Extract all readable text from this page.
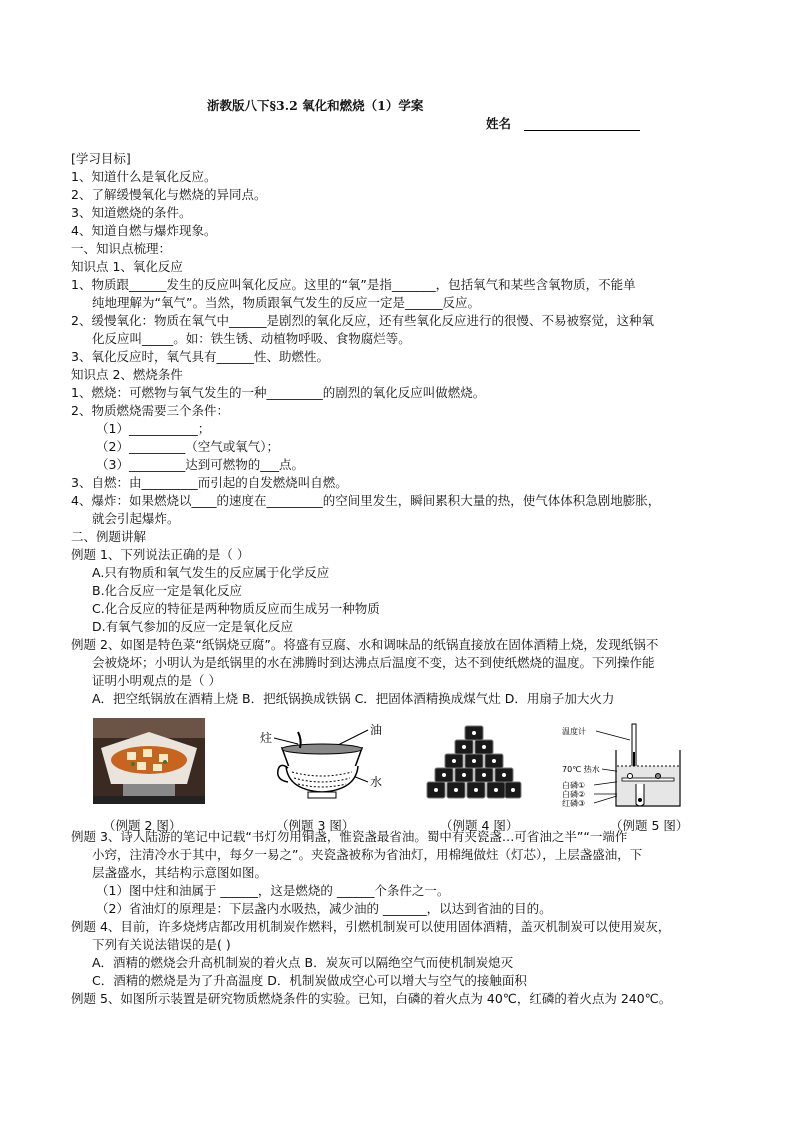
浙教版八下§3.2 氧化和燃烧（1）学案
姓名
[学习目标]
1、知道什么是氧化反应。
2、了解缓慢氧化与燃烧的异同点。
3、知道燃烧的条件。
4、知道自燃与爆炸现象。
一、知识点梳理：
知识点 1、氧化反应
1、物质跟______发生的反应叫氧化反应。这里的“氧”是指_______，包括氧气和某些含氧物质，不能单
纯地理解为“氧气”。当然，物质跟氧气发生的反应一定是______反应。
2、缓慢氧化：物质在氧气中______是剧烈的氧化反应，还有些氧化反应进行的很慢、不易被察觉，这种氧
化反应叫_____。如：铁生锈、动植物呼吸、食物腐烂等。
3、氧化反应时，氧气具有______性、助燃性。
知识点 2、燃烧条件
1、燃烧：可燃物与氧气发生的一种_________的剧烈的氧化反应叫做燃烧。
2、物质燃烧需要三个条件：
（1）___________；
（2）_________（空气或氧气）；
（3）_________达到可燃物的___点。
3、自燃：由_________而引起的自发燃烧叫自燃。
4、爆炸：如果燃烧以____的速度在_________的空间里发生，瞬间累积大量的热，使气体体积急剧地膨胀，
就会引起爆炸。
二、例题讲解
例题 1、下列说法正确的是（ ）
A.只有物质和氧气发生的反应属于化学反应
B.化合反应一定是氧化反应
C.化合反应的特征是两种物质反应而生成另一种物质
D.有氧气参加的反应一定是氧化反应
例题 2、如图是特色菜“纸锅烧豆腐”。将盛有豆腐、水和调味品的纸锅直接放在固体酒精上烧，发现纸锅不
会被烧坏；小明认为是纸锅里的水在沸腾时到达沸点后温度不变，达不到使纸燃烧的温度。下列操作能
证明小明观点的是（ ）
A．把空纸锅放在酒精上烧 B．把纸锅换成铁锅 C．把固体酒精换成煤气灶 D．用扇子加大火力
例题 3、诗人陆游的笔记中记载“书灯勿用铜盏，惟瓷盏最省油。蜀中有夹瓷盏…可省油之半”“一端作
小窍，注清冷水于其中，每夕一易之”。夹瓷盏被称为省油灯，用棉绳做炷（灯芯），上层盏盛油，下
层盏盛水，其结构示意图如图。
（1）图中炷和油属于 ______，这是燃烧的 ______个条件之一。
（2）省油灯的原理是：下层盏内水吸热，减少油的 _______，以达到省油的目的。
例题 4、目前，许多烧烤店都改用机制炭作燃料，引燃机制炭可以使用固体酒精，盖灭机制炭可以使用炭灰，
下列有关说法错误的是( )
A．酒精的燃烧会升高机制炭的着火点 B．炭灰可以隔绝空气而使机制炭熄灭
C．酒精的燃烧是为了升高温度 D．机制炭做成空心可以增大与空气的接触面积
例题 5、如图所示装置是研究物质燃烧条件的实验。已知，白磷的着火点为 40℃，红磷的着火点为 240℃。
炷
油
水
温度计
70℃ 热水
白磷①
白磷②
红磷③
（例题 2 图）	（例题 3 图）	（例题 4 图）	（例题 5 图）
